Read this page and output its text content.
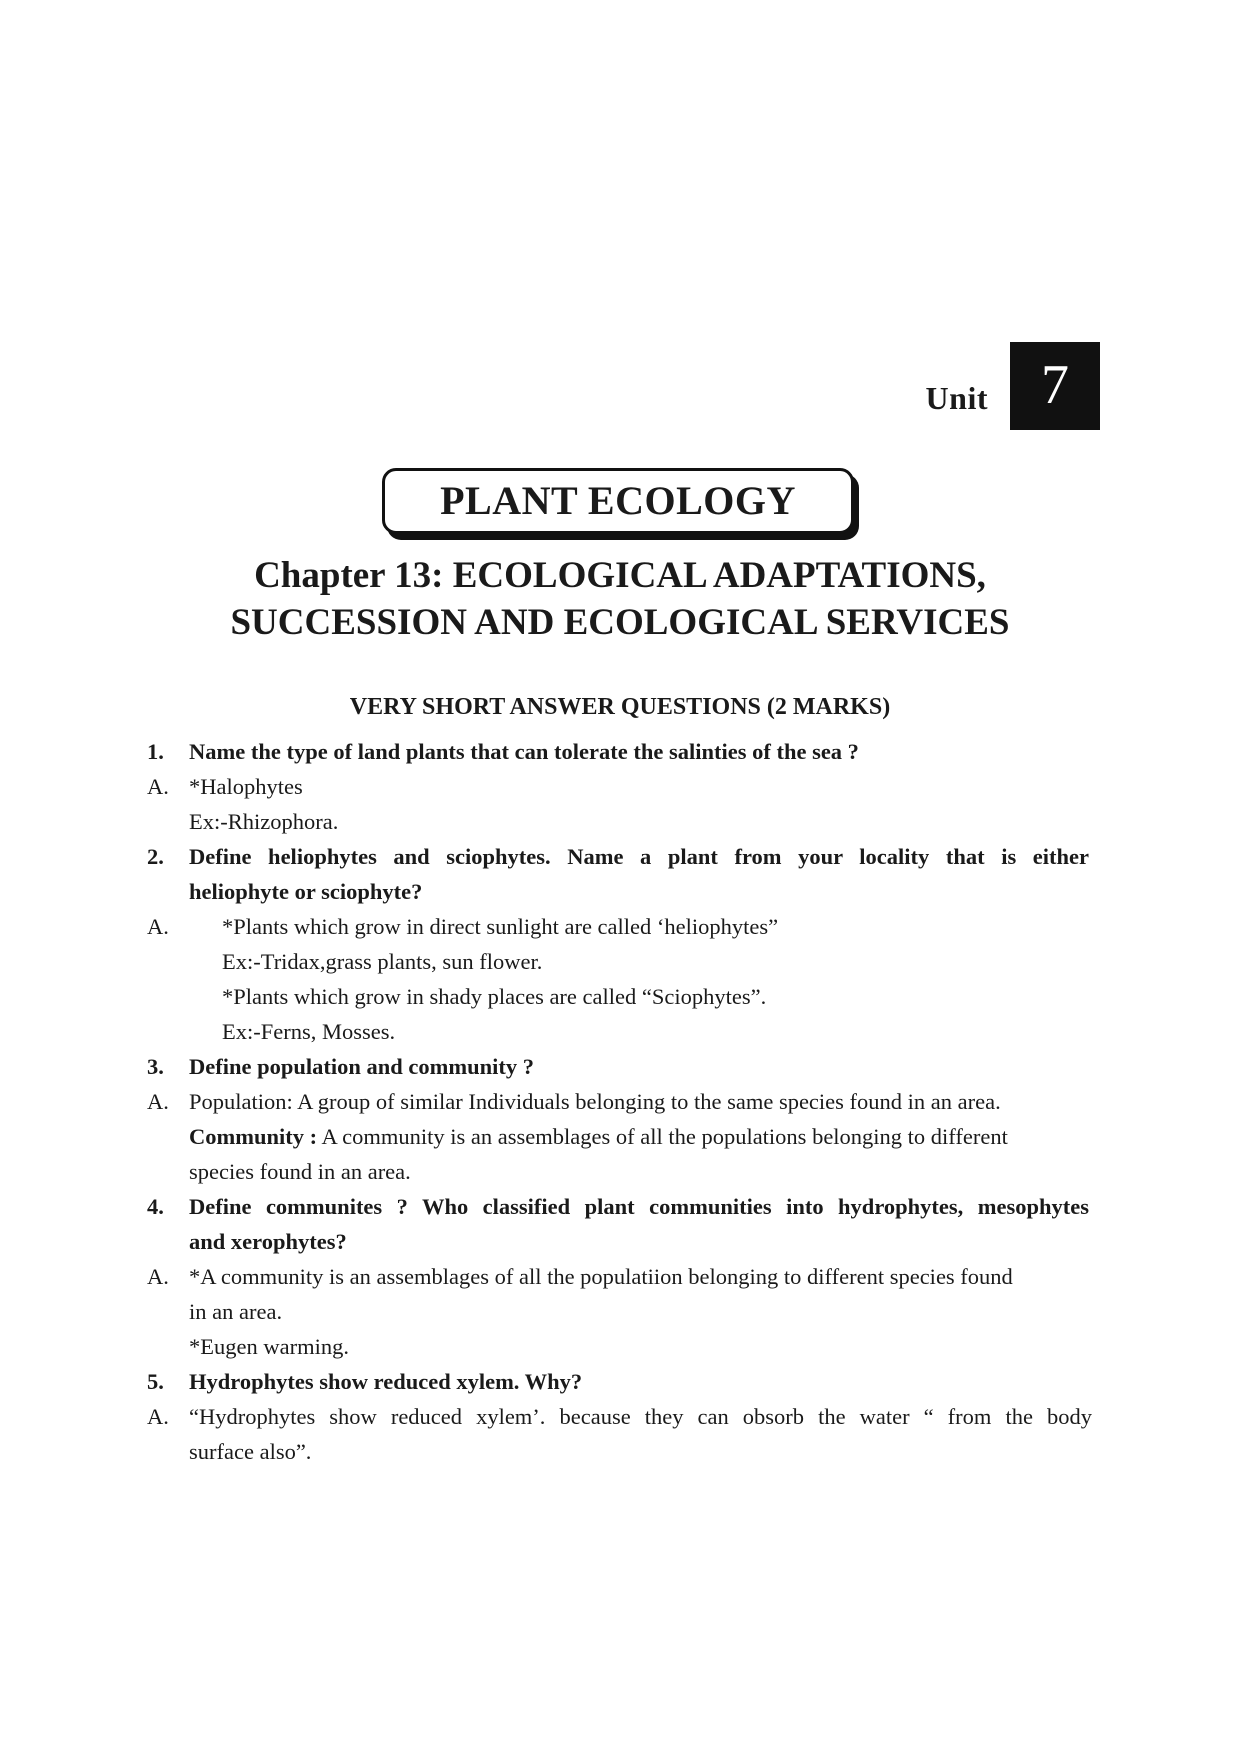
Unit 7
PLANT ECOLOGY
Chapter 13: ECOLOGICAL ADAPTATIONS,
SUCCESSION AND ECOLOGICAL SERVICES
VERY SHORT ANSWER QUESTIONS (2 MARKS)
1. Name the type of land plants that can tolerate the salinties of the sea ?
A. *Halophytes
Ex:-Rhizophora.
2. Define heliophytes and sciophytes. Name a plant from your locality that is either
heliophyte or sciophyte?
A. *Plants which grow in direct sunlight are called ‘heliophytes”
Ex:-Tridax,grass plants, sun flower.
*Plants which grow in shady places are called “Sciophytes”.
Ex:-Ferns, Mosses.
3. Define population and community ?
A. Population: A group of similar Individuals belonging to the same species found in an area.
Community : A community is an assemblages of all the populations belonging to different
species found in an area.
4. Define communites ? Who classified plant communities into hydrophytes, mesophytes
and xerophytes?
A. *A community is an assemblages of all the populatiion belonging to different species found
in an area.
*Eugen warming.
5. Hydrophytes show reduced xylem. Why?
A. “Hydrophytes show reduced xylem’. because they can obsorb the water “ from the body
surface also”.
